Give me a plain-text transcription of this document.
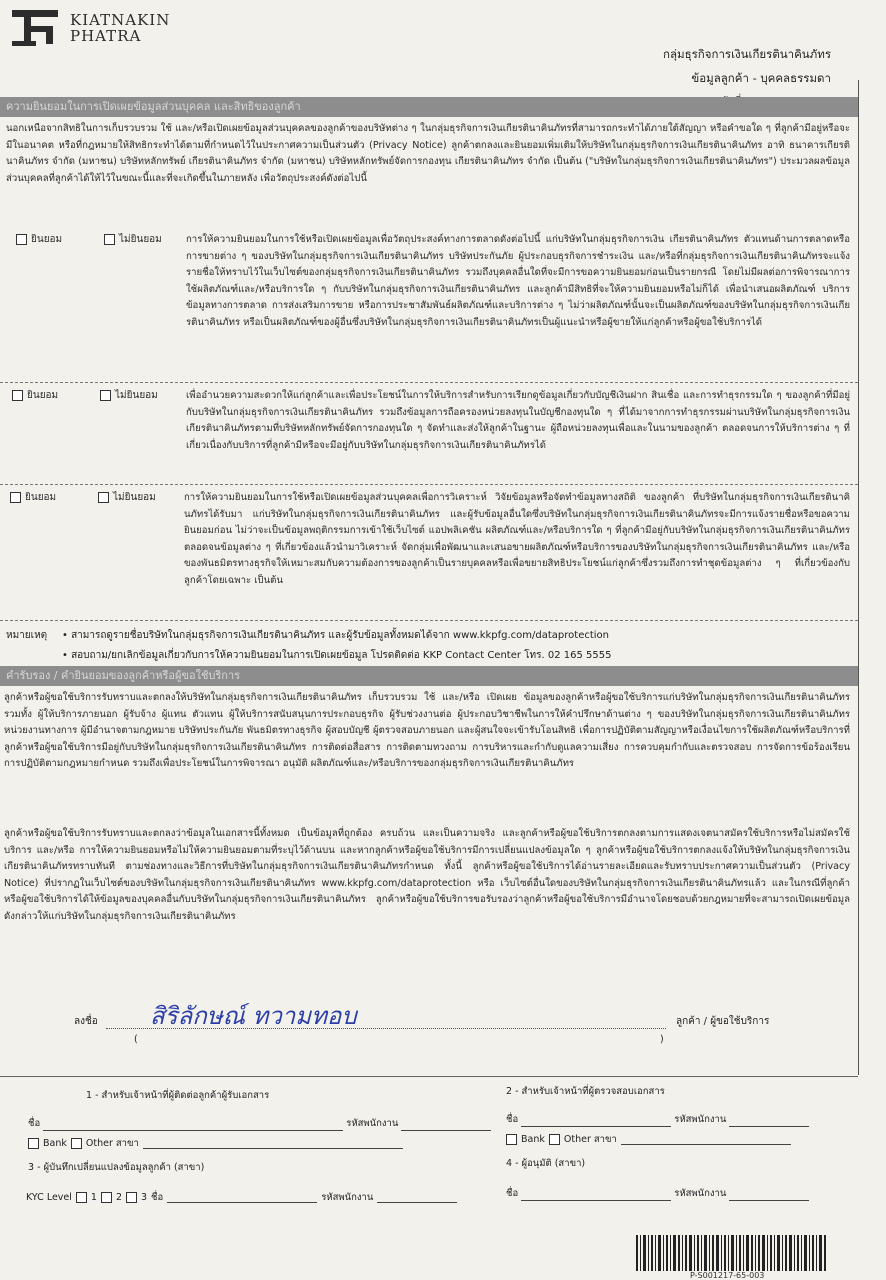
KIATNAKIN
PHATRA
กลุ่มธุรกิจการเงินเกียรตินาคินภัทร
ข้อมูลลูกค้า - บุคคลธรรมดา
ความยินยอมในการเปิดเผยข้อมูลส่วนบุคคล และสิทธิของลูกค้า
นอกเหนือจากสิทธิในการเก็บรวบรวม ใช้ และ/หรือเปิดเผยข้อมูลส่วนบุคคลของลูกค้าของบริษัทต่าง ๆ ในกลุ่มธุรกิจการเงินเกียรตินาคินภัทรที่สามารถกระทำได้ภายใต้สัญญา หรือคำขอใด ๆ ที่ลูกค้ามีอยู่หรือจะมีในอนาคต หรือที่กฎหมายให้สิทธิกระทำได้ตามที่กำหนดไว้ในประกาศความเป็นส่วนตัว (Privacy Notice) ลูกค้าตกลงและยินยอมเพิ่มเติมให้บริษัทในกลุ่มธุรกิจการเงินเกียรตินาคินภัทร อาทิ ธนาคารเกียรตินาคินภัทร จำกัด (มหาชน) บริษัทหลักทรัพย์ เกียรตินาคินภัทร จำกัด (มหาชน) บริษัทหลักทรัพย์จัดการกองทุน เกียรตินาคินภัทร จำกัด เป็นต้น ("บริษัทในกลุ่มธุรกิจการเงินเกียรตินาคินภัทร") ประมวลผลข้อมูลส่วนบุคคลที่ลูกค้าได้ให้ไว้ในขณะนี้และที่จะเกิดขึ้นในภายหลัง เพื่อวัตถุประสงค์ดังต่อไปนี้
ยินยอม	ไม่ยินยอม	การให้ความยินยอมในการใช้หรือเปิดเผยข้อมูลเพื่อวัตถุประสงค์ทางการตลาดดังต่อไปนี้ แก่บริษัทในกลุ่มธุรกิจการเงิน เกียรตินาคินภัทร ตัวแทนด้านการตลาดหรือการขายต่าง ๆ ของบริษัทในกลุ่มธุรกิจการเงินเกียรตินาคินภัทร บริษัทประกันภัย ผู้ประกอบธุรกิจการชำระเงิน และ/หรือที่กลุ่มธุรกิจการเงินเกียรตินาคินภัทรจะแจ้งรายชื่อให้ทราบไว้ในเว็บไซต์ของกลุ่มธุรกิจการเงินเกียรตินาคินภัทร รวมถึงบุคคลอื่นใดที่จะมีการขอความยินยอมก่อนเป็นรายกรณี โดยไม่มีผลต่อการพิจารณาการใช้ผลิตภัณฑ์และ/หรือบริการใด ๆ กับบริษัทในกลุ่มธุรกิจการเงินเกียรตินาคินภัทร และลูกค้ามีสิทธิที่จะให้ความยินยอมหรือไม่ก็ได้ เพื่อนำเสนอผลิตภัณฑ์ บริการ ข้อมูลทางการตลาด การส่งเสริมการขาย หรือการประชาสัมพันธ์ผลิตภัณฑ์และบริการต่าง ๆ ไม่ว่าผลิตภัณฑ์นั้นจะเป็นผลิตภัณฑ์ของบริษัทในกลุ่มธุรกิจการเงินเกียรตินาคินภัทร หรือเป็นผลิตภัณฑ์ของผู้อื่นซึ่งบริษัทในกลุ่มธุรกิจการเงินเกียรตินาคินภัทรเป็นผู้แนะนำหรือผู้ขายให้แก่ลูกค้าหรือผู้ขอใช้บริการได้
ยินยอม	ไม่ยินยอม	เพื่ออำนวยความสะดวกให้แก่ลูกค้าและเพื่อประโยชน์ในการให้บริการสำหรับการเรียกดูข้อมูลเกี่ยวกับบัญชีเงินฝาก สินเชื่อ และการทำธุรกรรมใด ๆ ของลูกค้าที่มีอยู่กับบริษัทในกลุ่มธุรกิจการเงินเกียรตินาคินภัทร รวมถึงข้อมูลการถือครองหน่วยลงทุนในบัญชีกองทุนใด ๆ ที่ได้มาจากการทำธุรกรรมผ่านบริษัทในกลุ่มธุรกิจการเงินเกียรตินาคินภัทรตามที่บริษัทหลักทรัพย์จัดการกองทุนใด ๆ จัดทำและส่งให้ลูกค้าในฐานะ ผู้ถือหน่วยลงทุนเพื่อและในนามของลูกค้า ตลอดจนการให้บริการต่าง ๆ ที่เกี่ยวเนื่องกับบริการที่ลูกค้ามีหรือจะมีอยู่กับบริษัทในกลุ่มธุรกิจการเงินเกียรตินาคินภัทรได้
ยินยอม	ไม่ยินยอม	การให้ความยินยอมในการใช้หรือเปิดเผยข้อมูลส่วนบุคคลเพื่อการวิเคราะห์ วิจัยข้อมูลหรือจัดทำข้อมูลทางสถิติ ของลูกค้า ที่บริษัทในกลุ่มธุรกิจการเงินเกียรตินาคินภัทรได้รับมา แก่บริษัทในกลุ่มธุรกิจการเงินเกียรตินาคินภัทร และผู้รับข้อมูลอื่นใดซึ่งบริษัทในกลุ่มธุรกิจการเงินเกียรตินาคินภัทรจะมีการแจ้งรายชื่อหรือขอความยินยอมก่อน ไม่ว่าจะเป็นข้อมูลพฤติกรรมการเข้าใช้เว็บไซต์ แอปพลิเคชัน ผลิตภัณฑ์และ/หรือบริการใด ๆ ที่ลูกค้ามีอยู่กับบริษัทในกลุ่มธุรกิจการเงินเกียรตินาคินภัทร ตลอดจนข้อมูลต่าง ๆ ที่เกี่ยวข้องแล้วนำมาวิเคราะห์ จัดกลุ่มเพื่อพัฒนาและเสนอขายผลิตภัณฑ์หรือบริการของบริษัทในกลุ่มธุรกิจการเงินเกียรตินาคินภัทร และ/หรือของพันธมิตรทางธุรกิจให้เหมาะสมกับความต้องการของลูกค้าเป็นรายบุคคลหรือเพื่อขยายสิทธิประโยชน์แก่ลูกค้าซึ่งรวมถึงการทำชุดข้อมูลต่าง ๆ ที่เกี่ยวข้องกับลูกค้าโดยเฉพาะ เป็นต้น
หมายเหตุ • สามารถดูรายชื่อบริษัทในกลุ่มธุรกิจการเงินเกียรตินาคินภัทร และผู้รับข้อมูลทั้งหมดได้จาก www.kkpfg.com/dataprotection
• สอบถาม/ยกเลิกข้อมูลเกี่ยวกับการให้ความยินยอมในการเปิดเผยข้อมูล โปรดติดต่อ KKP Contact Center โทร. 02 165 5555
คำรับรอง / คำยินยอมของลูกค้าหรือผู้ขอใช้บริการ
ลูกค้าหรือผู้ขอใช้บริการรับทราบและตกลงให้บริษัทในกลุ่มธุรกิจการเงินเกียรตินาคินภัทร เก็บรวบรวม ใช้ และ/หรือ เปิดเผย ข้อมูลของลูกค้าหรือผู้ขอใช้บริการแก่บริษัทในกลุ่มธุรกิจการเงินเกียรตินาคินภัทร รวมทั้ง ผู้ให้บริการภายนอก ผู้รับจ้าง ผู้แทน ตัวแทน ผู้ให้บริการสนับสนุนการประกอบธุรกิจ ผู้รับช่วงงานต่อ ผู้ประกอบวิชาชีพในการให้คำปรึกษาด้านต่าง ๆ ของบริษัทในกลุ่มธุรกิจการเงินเกียรตินาคินภัทร หน่วยงานทางการ ผู้มีอำนาจตามกฎหมาย บริษัทประกันภัย พันธมิตรทางธุรกิจ ผู้สอบบัญชี ผู้ตรวจสอบภายนอก และผู้สนใจจะเข้ารับโอนสิทธิ เพื่อการปฏิบัติตามสัญญาหรือเงื่อนไขการใช้ผลิตภัณฑ์หรือบริการที่ลูกค้าหรือผู้ขอใช้บริการมีอยู่กับบริษัทในกลุ่มธุรกิจการเงินเกียรตินาคินภัทร การติดต่อสื่อสาร การติดตามทวงถาม การบริหารและกำกับดูแลความเสี่ยง การควบคุมกำกับและตรวจสอบ การจัดการข้อร้องเรียน การปฏิบัติตามกฎหมายกำหนด รวมถึงเพื่อประโยชน์ในการพิจารณา อนุมัติ ผลิตภัณฑ์และ/หรือบริการของกลุ่มธุรกิจการเงินเกียรตินาคินภัทร
ลูกค้าหรือผู้ขอใช้บริการรับทราบและตกลงว่าข้อมูลในเอกสารนี้ทั้งหมด เป็นข้อมูลที่ถูกต้อง ครบถ้วน และเป็นความจริง และลูกค้าหรือผู้ขอใช้บริการตกลงตามการแสดงเจตนาสมัครใช้บริการหรือไม่สมัครใช้บริการ และ/หรือ การให้ความยินยอมหรือไม่ให้ความยินยอมตามที่ระบุไว้ด้านบน และหากลูกค้าหรือผู้ขอใช้บริการมีการเปลี่ยนแปลงข้อมูลใด ๆ ลูกค้าหรือผู้ขอใช้บริการตกลงแจ้งให้บริษัทในกลุ่มธุรกิจการเงินเกียรตินาคินภัทรทราบทันที ตามช่องทางและวิธีการที่บริษัทในกลุ่มธุรกิจการเงินเกียรตินาคินภัทรกำหนด ทั้งนี้ ลูกค้าหรือผู้ขอใช้บริการได้อ่านรายละเอียดและรับทราบประกาศความเป็นส่วนตัว (Privacy Notice) ที่ปรากฏในเว็บไซต์ของบริษัทในกลุ่มธุรกิจการเงินเกียรตินาคินภัทร www.kkpfg.com/dataprotection หรือ เว็บไซต์อื่นใดของบริษัทในกลุ่มธุรกิจการเงินเกียรตินาคินภัทรแล้ว และในกรณีที่ลูกค้าหรือผู้ขอใช้บริการได้ให้ข้อมูลของบุคคลอื่นกับบริษัทในกลุ่มธุรกิจการเงินเกียรตินาคินภัทร ลูกค้าหรือผู้ขอใช้บริการขอรับรองว่าลูกค้าหรือผู้ขอใช้บริการมีอำนาจโดยชอบด้วยกฎหมายที่จะสามารถเปิดเผยข้อมูลดังกล่าวให้แก่บริษัทในกลุ่มธุรกิจการเงินเกียรตินาคินภัทร
ลงชื่อ สิริลักษณ์ ทวามทอบ
(	)
ลูกค้า / ผู้ขอใช้บริการ
1 - สำหรับเจ้าหน้าที่ผู้ติดต่อลูกค้าผู้รับเอกสาร
ชื่อ	รหัสพนักงาน
Bank Other สาขา
2 - สำหรับเจ้าหน้าที่ผู้ตรวจสอบเอกสาร
ชื่อ	รหัสพนักงาน
Bank Other สาขา
3 - ผู้บันทึกเปลี่ยนแปลงข้อมูลลูกค้า (สาขา)
KYC Level 1 2 3 ชื่อ	รหัสพนักงาน
4 - ผู้อนุมัติ (สาขา)
ชื่อ	รหัสพนักงาน
P-S001217-65-003
